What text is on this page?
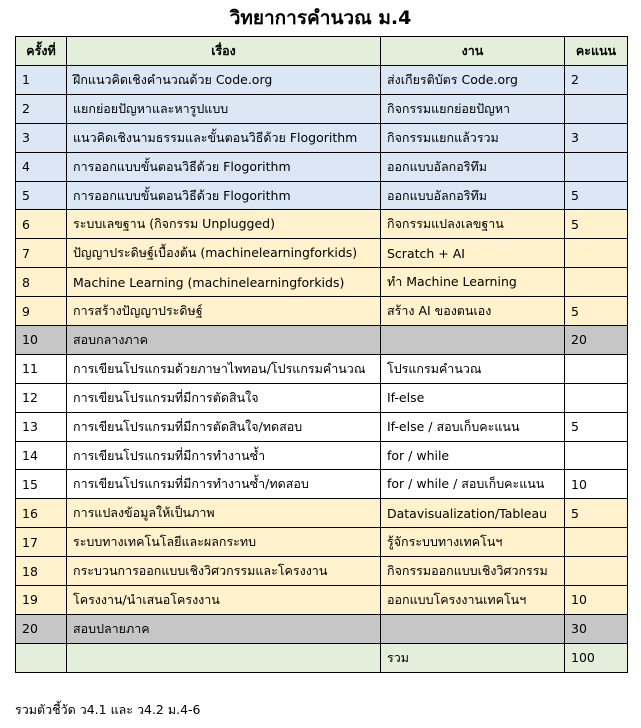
วิทยาการคำนวณ ม.4
ครั้งที่	เรื่อง	งาน	คะแนน
1	ฝึกแนวคิดเชิงคำนวณด้วย Code.org	ส่งเกียรติบัตร Code.org	2
2	แยกย่อยปัญหาและหารูปแบบ	กิจกรรมแยกย่อยปัญหา	
3	แนวคิดเชิงนามธรรมและขั้นตอนวิธีด้วย Flogorithm	กิจกรรมแยกแล้วรวม	3
4	การออกแบบขั้นตอนวิธีด้วย Flogorithm	ออกแบบอัลกอริทึม	
5	การออกแบบขั้นตอนวิธีด้วย Flogorithm	ออกแบบอัลกอริทึม	5
6	ระบบเลขฐาน (กิจกรรม Unplugged)	กิจกรรมแปลงเลขฐาน	5
7	ปัญญาประดิษฐ์เบื้องต้น (machinelearningforkids)	Scratch + AI	
8	Machine Learning (machinelearningforkids)	ทำ Machine Learning	
9	การสร้างปัญญาประดิษฐ์	สร้าง AI ของตนเอง	5
10	สอบกลางภาค		20
11	การเขียนโปรแกรมด้วยภาษาไพทอน/โปรแกรมคำนวณ	โปรแกรมคำนวณ	
12	การเขียนโปรแกรมที่มีการตัดสินใจ	If-else	
13	การเขียนโปรแกรมที่มีการตัดสินใจ/ทดสอบ	If-else / สอบเก็บคะแนน	5
14	การเขียนโปรแกรมที่มีการทำงานซ้ำ	for / while	
15	การเขียนโปรแกรมที่มีการทำงานซ้ำ/ทดสอบ	for / while / สอบเก็บคะแนน	10
16	การแปลงข้อมูลให้เป็นภาพ	Datavisualization/Tableau	5
17	ระบบทางเทคโนโลยีและผลกระทบ	รู้จักระบบทางเทคโนฯ	
18	กระบวนการออกแบบเชิงวิศวกรรมและโครงงาน	กิจกรรมออกแบบเชิงวิศวกรรม	
19	โครงงาน/นำเสนอโครงงาน	ออกแบบโครงงานเทคโนฯ	10
20	สอบปลายภาค		30
		รวม	100
รวมตัวชี้วัด ว4.1 และ ว4.2 ม.4-6
